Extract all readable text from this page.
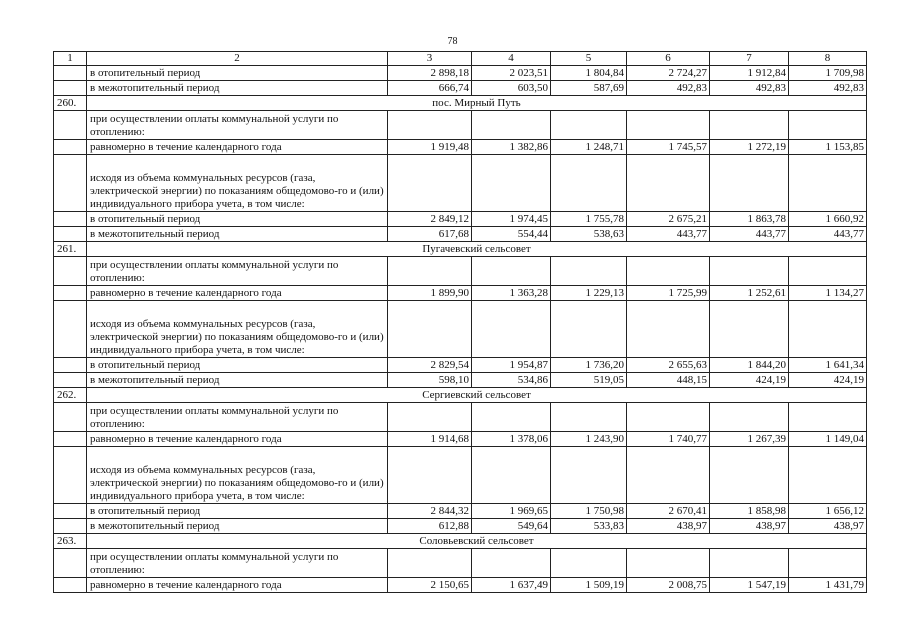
78
1	2	3	4	5	6	7	8
	в отопительный период	2 898,18	2 023,51	1 804,84	2 724,27	1 912,84	1 709,98
	в межотопительный период	666,74	603,50	587,69	492,83	492,83	492,83
260.	пос. Мирный Путь						
	при осуществлении оплаты коммунальной услуги по отоплению:						
	равномерно в течение календарного года	1 919,48	1 382,86	1 248,71	1 745,57	1 272,19	1 153,85
	исходя из объема коммунальных ресурсов (газа, электрической энергии) по показаниям общедомово-го и (или) индивидуального прибора учета, в том числе:						
	в отопительный период	2 849,12	1 974,45	1 755,78	2 675,21	1 863,78	1 660,92
	в межотопительный период	617,68	554,44	538,63	443,77	443,77	443,77
261.	Пугачевский сельсовет						
	при осуществлении оплаты коммунальной услуги по отоплению:						
	равномерно в течение календарного года	1 899,90	1 363,28	1 229,13	1 725,99	1 252,61	1 134,27
	исходя из объема коммунальных ресурсов (газа, электрической энергии) по показаниям общедомово-го и (или) индивидуального прибора учета, в том числе:						
	в отопительный период	2 829,54	1 954,87	1 736,20	2 655,63	1 844,20	1 641,34
	в межотопительный период	598,10	534,86	519,05	448,15	424,19	424,19
262.	Сергиевский сельсовет						
	при осуществлении оплаты коммунальной услуги по отоплению:						
	равномерно в течение календарного года	1 914,68	1 378,06	1 243,90	1 740,77	1 267,39	1 149,04
	исходя из объема коммунальных ресурсов (газа, электрической энергии) по показаниям общедомово-го и (или) индивидуального прибора учета, в том числе:						
	в отопительный период	2 844,32	1 969,65	1 750,98	2 670,41	1 858,98	1 656,12
	в межотопительный период	612,88	549,64	533,83	438,97	438,97	438,97
263.	Соловьевский сельсовет						
	при осуществлении оплаты коммунальной услуги по отоплению:						
	равномерно в течение календарного года	2 150,65	1 637,49	1 509,19	2 008,75	1 547,19	1 431,79
